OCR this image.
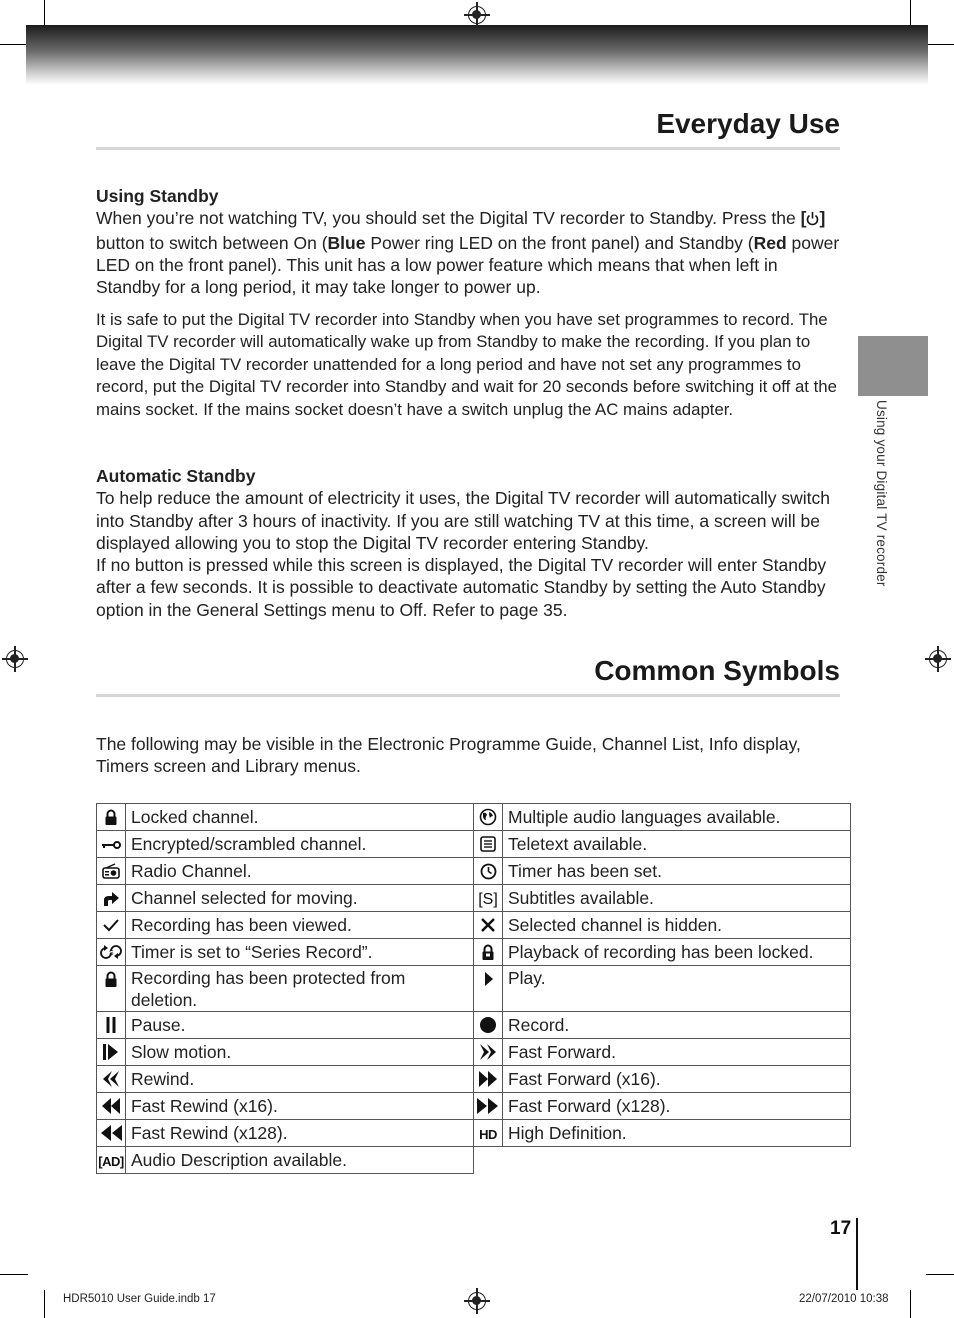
Everyday Use
Using Standby
When you’re not watching TV, you should set the Digital TV recorder to Standby. Press the [ ] button to switch between On (Blue Power ring LED on the front panel) and Standby (Red power LED on the front panel). This unit has a low power feature which means that when left in Standby for a long period, it may take longer to power up.
It is safe to put the Digital TV recorder into Standby when you have set programmes to record. The Digital TV recorder will automatically wake up from Standby to make the recording. If you plan to leave the Digital TV recorder unattended for a long period and have not set any programmes to record, put the Digital TV recorder into Standby and wait for 20 seconds before switching it off at the mains socket. If the mains socket doesn’t have a switch unplug the AC mains adapter.
Automatic Standby
To help reduce the amount of electricity it uses, the Digital TV recorder will automatically switch into Standby after 3 hours of inactivity. If you are still watching TV at this time, a screen will be displayed allowing you to stop the Digital TV recorder entering Standby.
If no button is pressed while this screen is displayed, the Digital TV recorder will enter Standby after a few seconds. It is possible to deactivate automatic Standby by setting the Auto Standby option in the General Settings menu to Off. Refer to page 35.
Using your Digital TV recorder
Common Symbols
The following may be visible in the Electronic Programme Guide, Channel List, Info display, Timers screen and Library menus.
	Locked channel.		Multiple audio languages available.

	Encrypted/scrambled channel.		Teletext available.

	Radio Channel.		Timer has been set.

	Channel selected for moving.	[S]	Subtitles available.

	Recording has been viewed.		Selected channel is hidden.

S	Timer is set to “Series Record”.		Playback of recording has been locked.

	Recording has been protected from deletion.		Play.

	Pause.		Record.

	Slow motion.		Fast Forward.

	Rewind.		Fast Forward (x16).

	Fast Rewind (x16).		Fast Forward (x128).

	Fast Rewind (x128).	HD	High Definition.
[AD]	Audio Description available.		
17
HDR5010 User Guide.indb 17	22/07/2010 10:38
